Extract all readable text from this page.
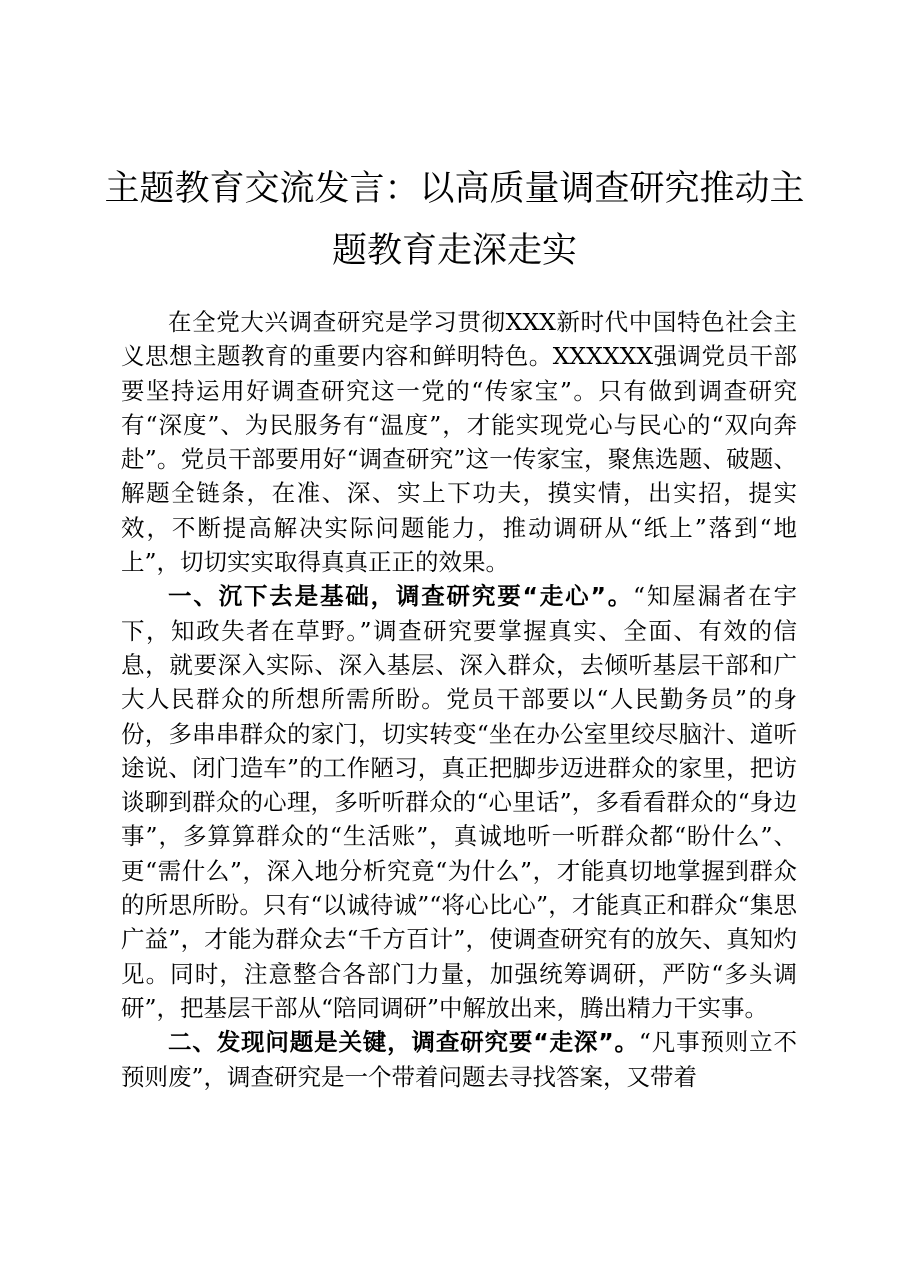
主题教育交流发言：以高质量调查研究推动主题教育走深走实

在全党大兴调查研究是学习贯彻XXX新时代中国特色社会主义思想主题教育的重要内容和鲜明特色。XXXXXX强调党员干部要坚持运用好调查研究这一党的“传家宝”。只有做到调查研究有“深度”、为民服务有“温度”，才能实现党心与民心的“双向奔赴”。党员干部要用好“调查研究”这一传家宝，聚焦选题、破题、解题全链条，在准、深、实上下功夫，摸实情，出实招，提实效，不断提高解决实际问题能力，推动调研从“纸上”落到“地上”，切切实实取得真真正正的效果。

一、沉下去是基础，调查研究要“走心”。“知屋漏者在宇下，知政失者在草野。”调查研究要掌握真实、全面、有效的信息，就要深入实际、深入基层、深入群众，去倾听基层干部和广大人民群众的所想所需所盼。党员干部要以“人民勤务员”的身份，多串串群众的家门，切实转变“坐在办公室里绞尽脑汁、道听途说、闭门造车”的工作陋习，真正把脚步迈进群众的家里，把访谈聊到群众的心理，多听听群众的“心里话”，多看看群众的“身边事”，多算算群众的“生活账”，真诚地听一听群众都“盼什么”、更“需什么”，深入地分析究竟“为什么”，才能真切地掌握到群众的所思所盼。只有“以诚待诚”“将心比心”，才能真正和群众“集思广益”，才能为群众去“千方百计”，使调查研究有的放矢、真知灼见。同时，注意整合各部门力量，加强统筹调研，严防“多头调研”，把基层干部从“陪同调研”中解放出来，腾出精力干实事。

二、发现问题是关键，调查研究要“走深”。“凡事预则立不预则废”，调查研究是一个带着问题去寻找答案，又带着
